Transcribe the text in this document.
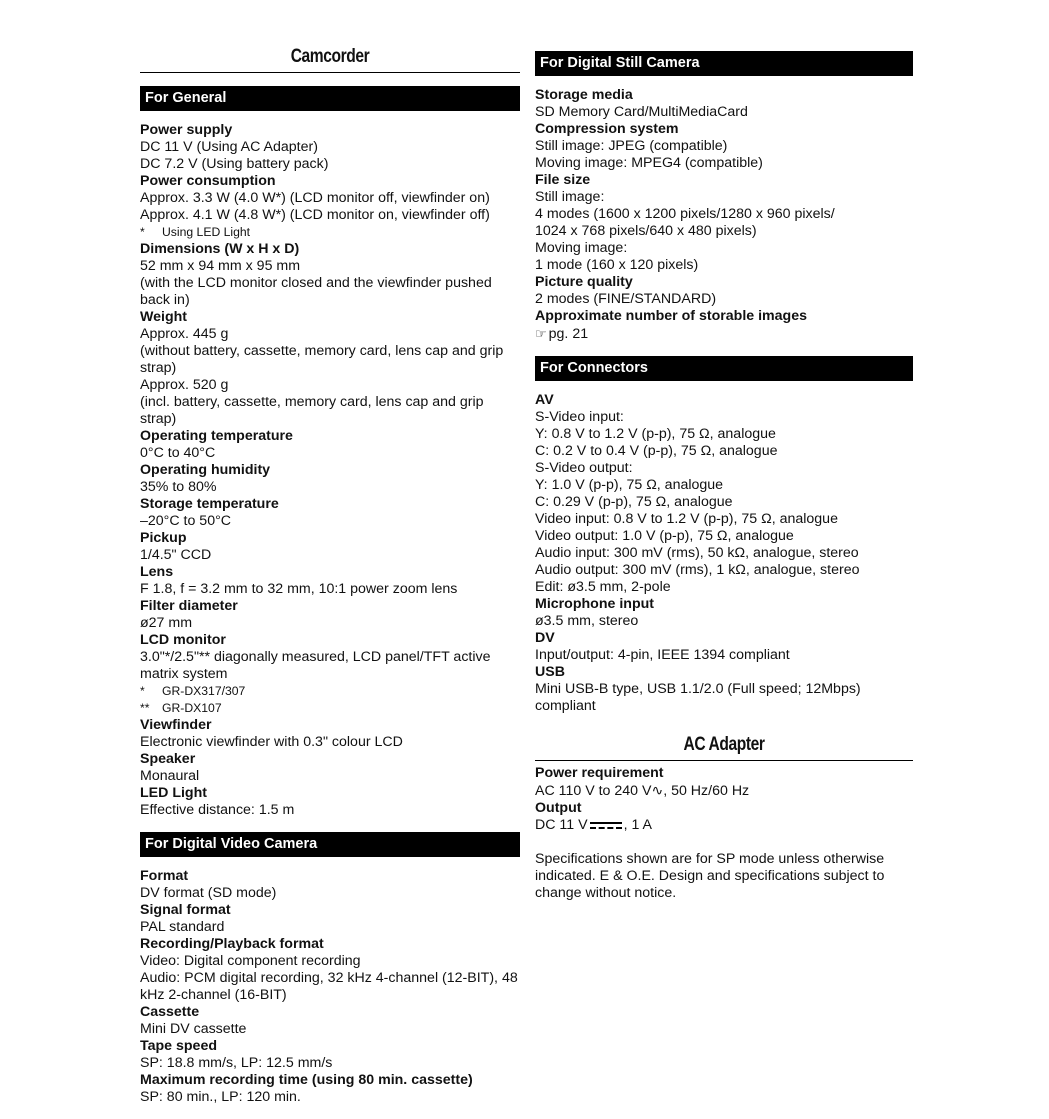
Camcorder
For General
Power supply
DC 11 V (Using AC Adapter)
DC 7.2 V (Using battery pack)
Power consumption
Approx. 3.3 W (4.0 W*) (LCD monitor off, viewfinder on)
Approx. 4.1 W (4.8 W*) (LCD monitor on, viewfinder off)
* Using LED Light
Dimensions (W x H x D)
52 mm x 94 mm x 95 mm
(with the LCD monitor closed and the viewfinder pushed back in)
Weight
Approx. 445 g
(without battery, cassette, memory card, lens cap and grip strap)
Approx. 520 g
(incl. battery, cassette, memory card, lens cap and grip strap)
Operating temperature
0°C to 40°C
Operating humidity
35% to 80%
Storage temperature
–20°C to 50°C
Pickup
1/4.5" CCD
Lens
F 1.8, f = 3.2 mm to 32 mm, 10:1 power zoom lens
Filter diameter
ø27 mm
LCD monitor
3.0"*/2.5"** diagonally measured, LCD panel/TFT active matrix system
* GR-DX317/307
** GR-DX107
Viewfinder
Electronic viewfinder with 0.3" colour LCD
Speaker
Monaural
LED Light
Effective distance: 1.5 m
For Digital Video Camera
Format
DV format (SD mode)
Signal format
PAL standard
Recording/Playback format
Video: Digital component recording
Audio: PCM digital recording, 32 kHz 4-channel (12-BIT), 48 kHz 2-channel (16-BIT)
Cassette
Mini DV cassette
Tape speed
SP: 18.8 mm/s, LP: 12.5 mm/s
Maximum recording time (using 80 min. cassette)
SP: 80 min., LP: 120 min.
For Digital Still Camera
Storage media
SD Memory Card/MultiMediaCard
Compression system
Still image: JPEG (compatible)
Moving image: MPEG4 (compatible)
File size
Still image:
4 modes (1600 x 1200 pixels/1280 x 960 pixels/
1024 x 768 pixels/640 x 480 pixels)
Moving image:
1 mode (160 x 120 pixels)
Picture quality
2 modes (FINE/STANDARD)
Approximate number of storable images
☞ pg. 21
For Connectors
AV
S-Video input:
Y: 0.8 V to 1.2 V (p-p), 75 Ω, analogue
C: 0.2 V to 0.4 V (p-p), 75 Ω, analogue
S-Video output:
Y: 1.0 V (p-p), 75 Ω, analogue
C: 0.29 V (p-p), 75 Ω, analogue
Video input: 0.8 V to 1.2 V (p-p), 75 Ω, analogue
Video output: 1.0 V (p-p), 75 Ω, analogue
Audio input: 300 mV (rms), 50 kΩ, analogue, stereo
Audio output: 300 mV (rms), 1 kΩ, analogue, stereo
Edit: ø3.5 mm, 2-pole
Microphone input
ø3.5 mm, stereo
DV
Input/output: 4-pin, IEEE 1394 compliant
USB
Mini USB-B type, USB 1.1/2.0 (Full speed; 12Mbps) compliant
AC Adapter
Power requirement
AC 110 V to 240 V∿, 50 Hz/60 Hz
Output
DC 11 V	, 1 A
Specifications shown are for SP mode unless otherwise indicated. E & O.E. Design and specifications subject to change without notice.
